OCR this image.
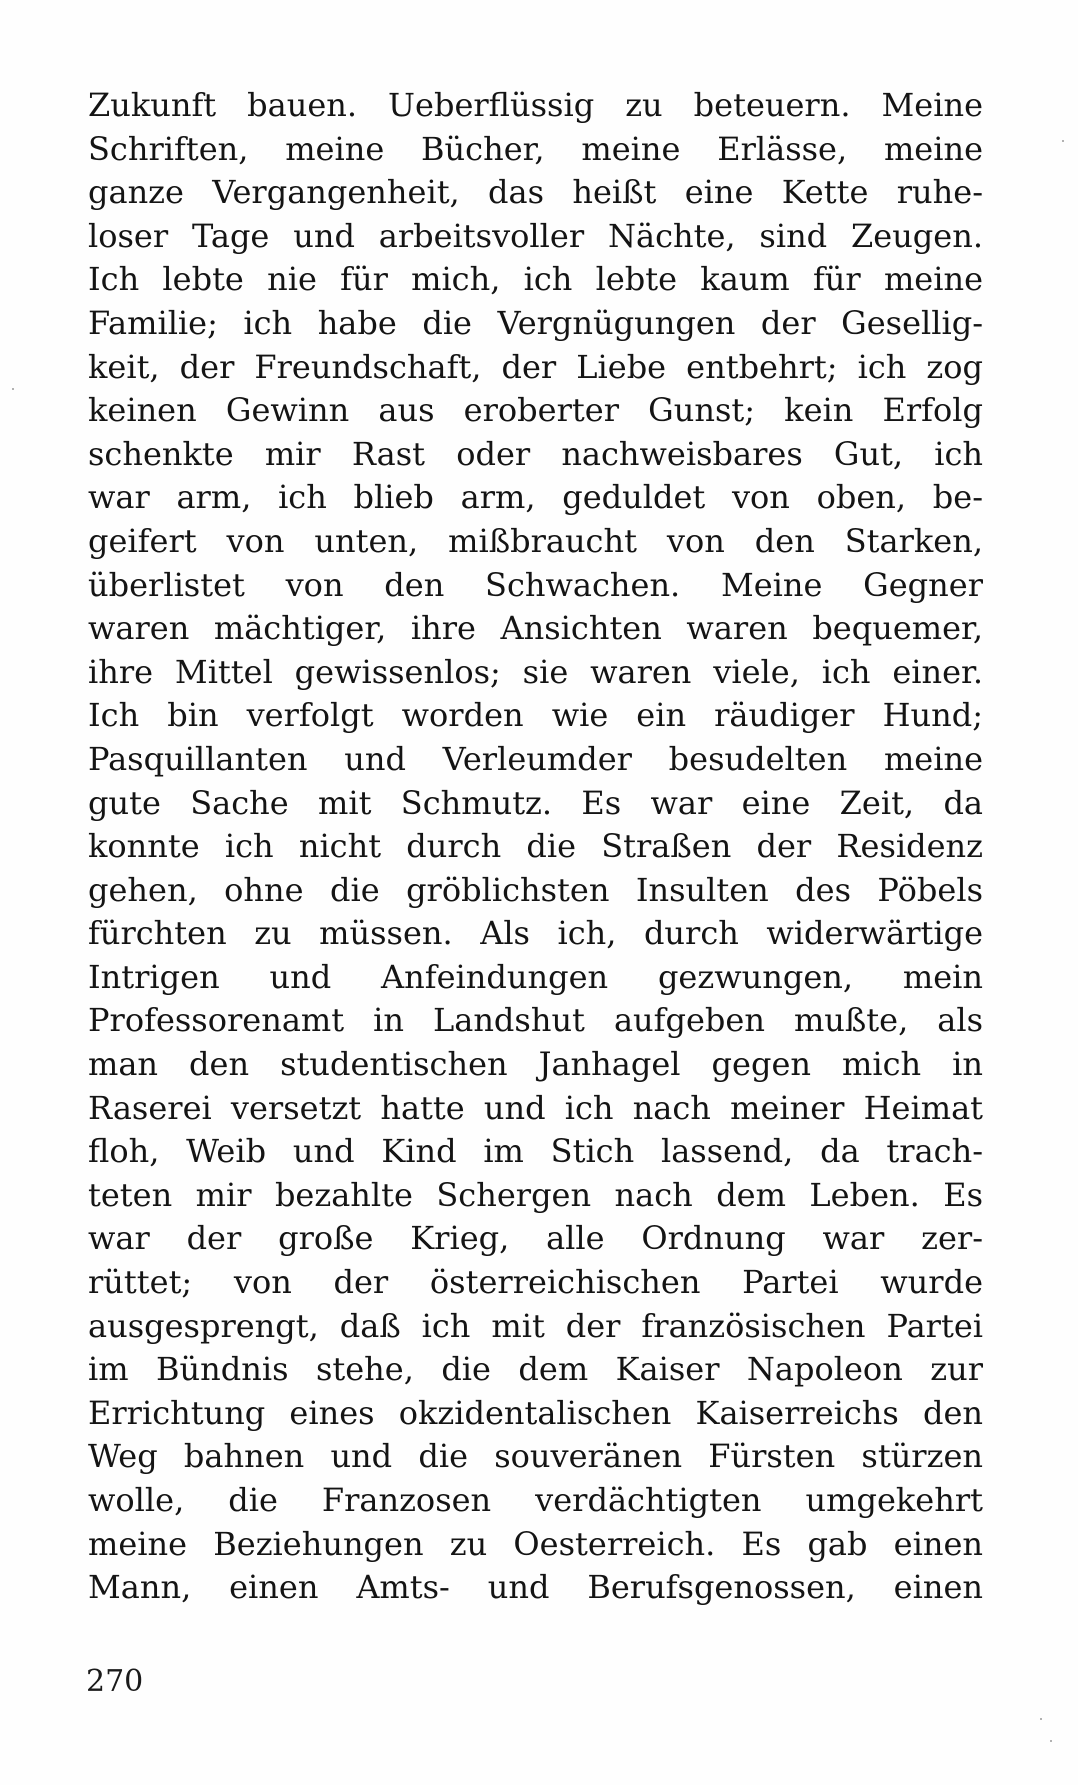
Zukunft bauen. Ueberflüssig zu beteuern. Meine
Schriften, meine Bücher, meine Erlässe, meine
ganze Vergangenheit, das heißt eine Kette ruhe-
loser Tage und arbeitsvoller Nächte, sind Zeugen.
Ich lebte nie für mich, ich lebte kaum für meine
Familie; ich habe die Vergnügungen der Gesellig-
keit, der Freundschaft, der Liebe entbehrt; ich zog
keinen Gewinn aus eroberter Gunst; kein Erfolg
schenkte mir Rast oder nachweisbares Gut, ich
war arm, ich blieb arm, geduldet von oben, be-
geifert von unten, mißbraucht von den Starken,
überlistet von den Schwachen. Meine Gegner
waren mächtiger, ihre Ansichten waren bequemer,
ihre Mittel gewissenlos; sie waren viele, ich einer.
Ich bin verfolgt worden wie ein räudiger Hund;
Pasquillanten und Verleumder besudelten meine
gute Sache mit Schmutz. Es war eine Zeit, da
konnte ich nicht durch die Straßen der Residenz
gehen, ohne die gröblichsten Insulten des Pöbels
fürchten zu müssen. Als ich, durch widerwärtige
Intrigen und Anfeindungen gezwungen, mein
Professorenamt in Landshut aufgeben mußte, als
man den studentischen Janhagel gegen mich in
Raserei versetzt hatte und ich nach meiner Heimat
floh, Weib und Kind im Stich lassend, da trach-
teten mir bezahlte Schergen nach dem Leben. Es
war der große Krieg, alle Ordnung war zer-
rüttet; von der österreichischen Partei wurde
ausgesprengt, daß ich mit der französischen Partei
im Bündnis stehe, die dem Kaiser Napoleon zur
Errichtung eines okzidentalischen Kaiserreichs den
Weg bahnen und die souveränen Fürsten stürzen
wolle, die Franzosen verdächtigten umgekehrt
meine Beziehungen zu Oesterreich. Es gab einen
Mann, einen Amts- und Berufsgenossen, einen
270
